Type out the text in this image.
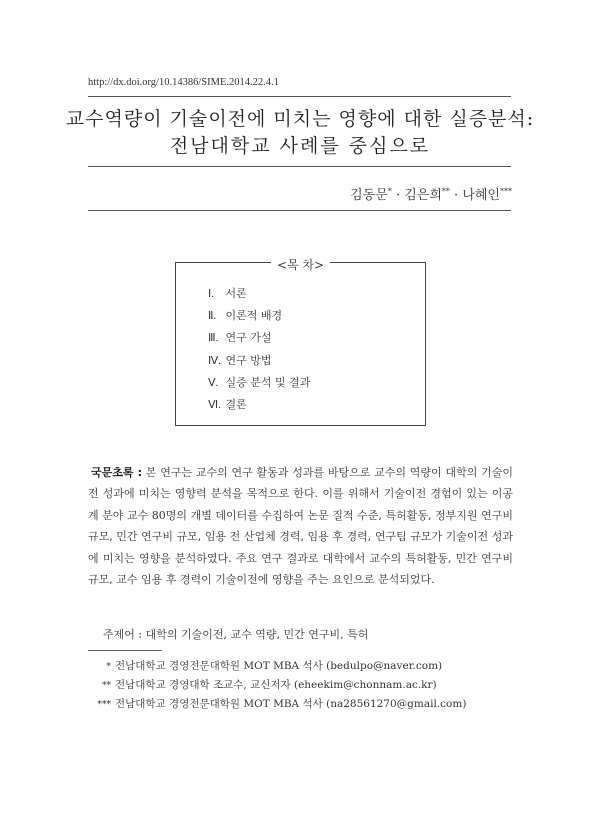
http://dx.doi.org/10.14386/SIME.2014.22.4.1
교수역량이 기술이전에 미치는 영향에 대한 실증분석:
전남대학교 사례를 중심으로
김동문* · 김은희** · 나혜인***
<목 차>
Ⅰ. 서론
Ⅱ. 이론적 배경
Ⅲ. 연구 가설
Ⅳ. 연구 방법
Ⅴ. 실증 분석 및 결과
Ⅵ. 결론
국문초록 : 본 연구는 교수의 연구 활동과 성과를 바탕으로 교수의 역량이 대학의 기술이전 성과에 미치는 영향력 분석을 목적으로 한다. 이를 위해서 기술이전 경험이 있는 이공계 분야 교수 80명의 개별 데이터를 수집하여 논문 질적 수준, 특허활동, 정부지원 연구비 규모, 민간 연구비 규모, 임용 전 산업체 경력, 임용 후 경력, 연구팀 규모가 기술이전 성과에 미치는 영향을 분석하였다. 주요 연구 결과로 대학에서 교수의 특허활동, 민간 연구비 규모, 교수 임용 후 경력이 기술이전에 영향을 주는 요인으로 분석되었다.
주제어 : 대학의 기술이전, 교수 역량, 민간 연구비, 특허
* 전남대학교 경영전문대학원 MOT MBA 석사 (bedulpo@naver.com)
** 전남대학교 경영대학 조교수, 교신저자 (eheekim@chonnam.ac.kr)
*** 전남대학교 경영전문대학원 MOT MBA 석사 (na28561270@gmail.com)
